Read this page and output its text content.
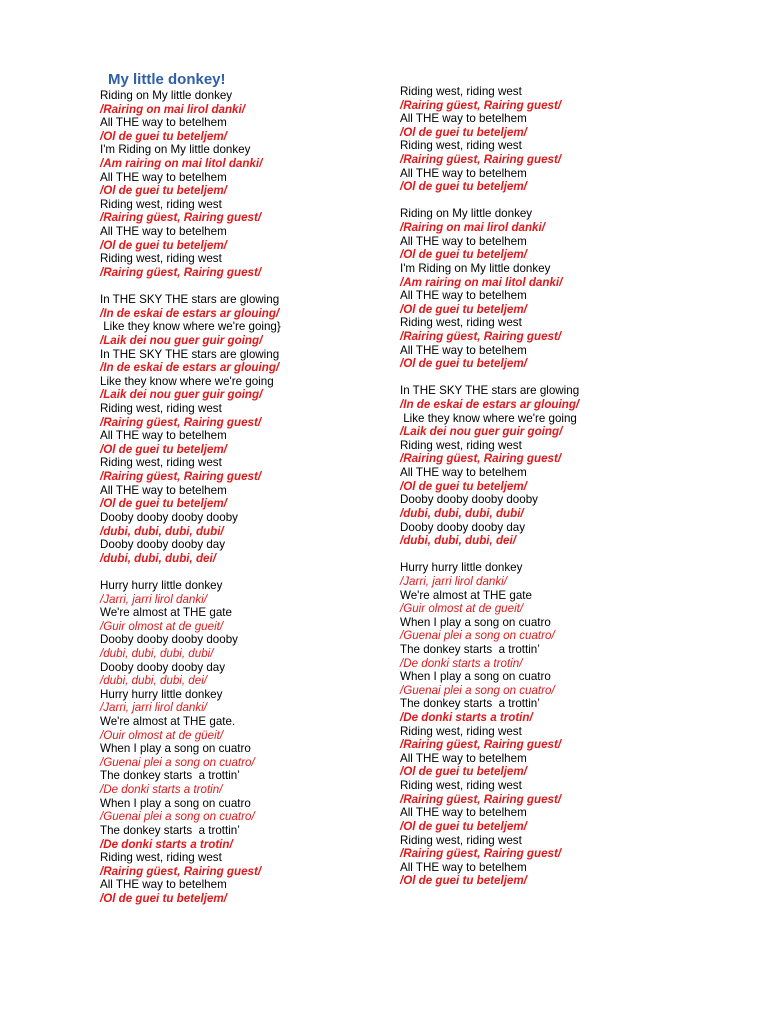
My little donkey!
Riding on My little donkey
/Rairing on mai lirol danki/
All THE way to betelhem
/Ol de guei tu beteljem/
I'm Riding on My little donkey
/Am rairing on mai litol danki/
All THE way to betelhem
/Ol de guei tu beteljem/
Riding west, riding west
/Rairing güest, Rairing guest/
All THE way to betelhem
/Ol de guei tu beteljem/
Riding west, riding west
/Rairing güest, Rairing guest/
In THE SKY THE stars are glowing
/In de eskai de estars ar glouing/
Like they know where we're going}
/Laik dei nou guer guir going/
In THE SKY THE stars are glowing
/In de eskai de estars ar glouing/
Like they know where we're going
/Laik dei nou guer guir going/
Riding west, riding west
/Rairing güest, Rairing guest/
All THE way to betelhem
/Ol de guei tu beteljem/
Riding west, riding west
/Rairing güest, Rairing guest/
All THE way to betelhem
/Ol de guei tu beteljem/
Dooby dooby dooby dooby
/dubi, dubi, dubi, dubi/
Dooby dooby dooby day
/dubi, dubi, dubi, dei/
Hurry hurry little donkey
/Jarri, jarri lirol danki/
We're almost at THE gate
/Guir olmost at de gueit/
Dooby dooby dooby dooby
/dubi, dubi, dubi, dubi/
Dooby dooby dooby day
/dubi, dubi, dubi, dei/
Hurry hurry little donkey
/Jarri, jarri lirol danki/
We're almost at THE gate.
/Ouir olmost at de güeit/
When I play a song on cuatro
/Guenai plei a song on cuatro/
The donkey starts  a trottin’
/De donki starts a trotin/
When I play a song on cuatro
/Guenai plei a song on cuatro/
The donkey starts  a trottin’
/De donki starts a trotin/
Riding west, riding west
/Rairing güest, Rairing guest/
All THE way to betelhem
/Ol de guei tu beteljem/
Riding west, riding west
/Rairing güest, Rairing guest/
All THE way to betelhem
/Ol de guei tu beteljem/
Riding west, riding west
/Rairing güest, Rairing guest/
All THE way to betelhem
/Ol de guei tu beteljem/
Riding on My little donkey
/Rairing on mai lirol danki/
All THE way to betelhem
/Ol de guei tu beteljem/
I'm Riding on My little donkey
/Am rairing on mai litol danki/
All THE way to betelhem
/Ol de guei tu beteljem/
Riding west, riding west
/Rairing güest, Rairing guest/
All THE way to betelhem
/Ol de guei tu beteljem/
In THE SKY THE stars are glowing
/In de eskai de estars ar glouing/
Like they know where we're going
/Laik dei nou guer guir going/
Riding west, riding west
/Rairing güest, Rairing guest/
All THE way to betelhem
/Ol de guei tu beteljem/
Dooby dooby dooby dooby
/dubi, dubi, dubi, dubi/
Dooby dooby dooby day
/dubi, dubi, dubi, dei/
Hurry hurry little donkey
/Jarri, jarri lirol danki/
We're almost at THE gate
/Guir olmost at de gueit/
When I play a song on cuatro
/Guenai plei a song on cuatro/
The donkey starts  a trottin’
/De donki starts a trotin/
When I play a song on cuatro
/Guenai plei a song on cuatro/
The donkey starts  a trottin’
/De donki starts a trotin/
Riding west, riding west
/Rairing güest, Rairing guest/
All THE way to betelhem
/Ol de guei tu beteljem/
Riding west, riding west
/Rairing güest, Rairing guest/
All THE way to betelhem
/Ol de guei tu beteljem/
Riding west, riding west
/Rairing güest, Rairing guest/
All THE way to betelhem
/Ol de guei tu beteljem/
